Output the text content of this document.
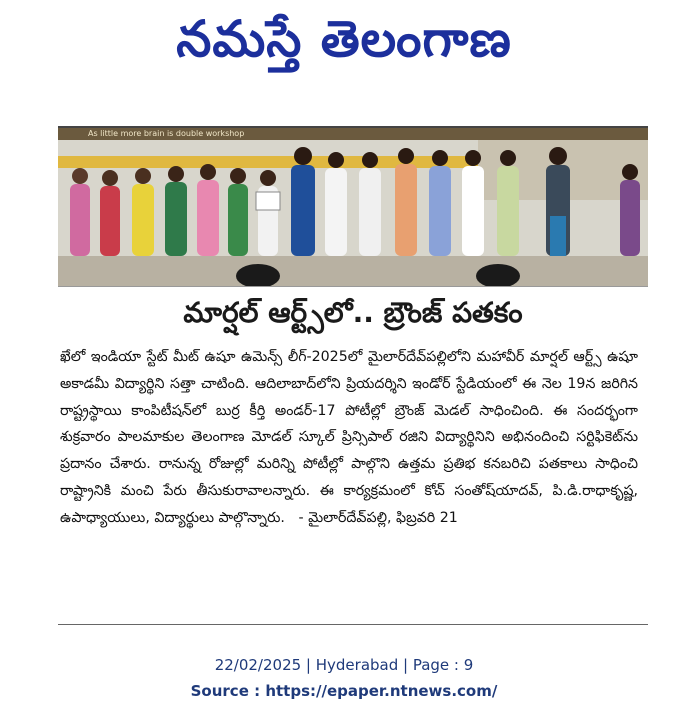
నమస్తే తెలంగాణ
As little more brain is double workshop
మార్షల్ ఆర్ట్స్‌లో.. బ్రౌంజ్ పతకం

ఖేలో ఇండియా స్టేట్ మీట్ ఉషూ ఉమెన్స్ లీగ్-2025లో మైలార్‌దేవ్‌పల్లిలోని మహావీర్ మార్షల్ ఆర్ట్స్ ఉషూ అకాడమీ విద్యార్థిని సత్తా చాటింది. ఆదిలాబాద్‌లోని ప్రియదర్శిని ఇండోర్ స్టేడియంలో ఈ నెల 19న జరిగిన రాష్ట్రస్థాయి కాంపిటీషన్‌లో బుర్ర కీర్తి అండర్-17 పోటీల్లో బ్రౌంజ్ మెడల్ సాధించింది. ఈ సందర్భంగా శుక్రవారం పాలమాకుల తెలంగాణ మోడల్ స్కూల్ ప్రిన్సిపాల్ రజిని విద్యార్థినిని అభినందించి సర్టిఫికెట్‌ను ప్రదానం చేశారు. రానున్న రోజుల్లో మరిన్ని పోటీల్లో పాల్గొని ఉత్తమ ప్రతిభ కనబరిచి పతకాలు సాధించి రాష్ట్రానికి మంచి పేరు తీసుకురావాలన్నారు. ఈ కార్యక్రమంలో కోచ్ సంతోష్‌యాదవ్, పి.డి.రాధాకృష్ణ, ఉపాధ్యాయులు, విద్యార్థులు పాల్గొన్నారు. - మైలార్‌దేవ్‌పల్లి, ఫిబ్రవరి 21

22/02/2025 | Hyderabad | Page : 9
Source : https://epaper.ntnews.com/
